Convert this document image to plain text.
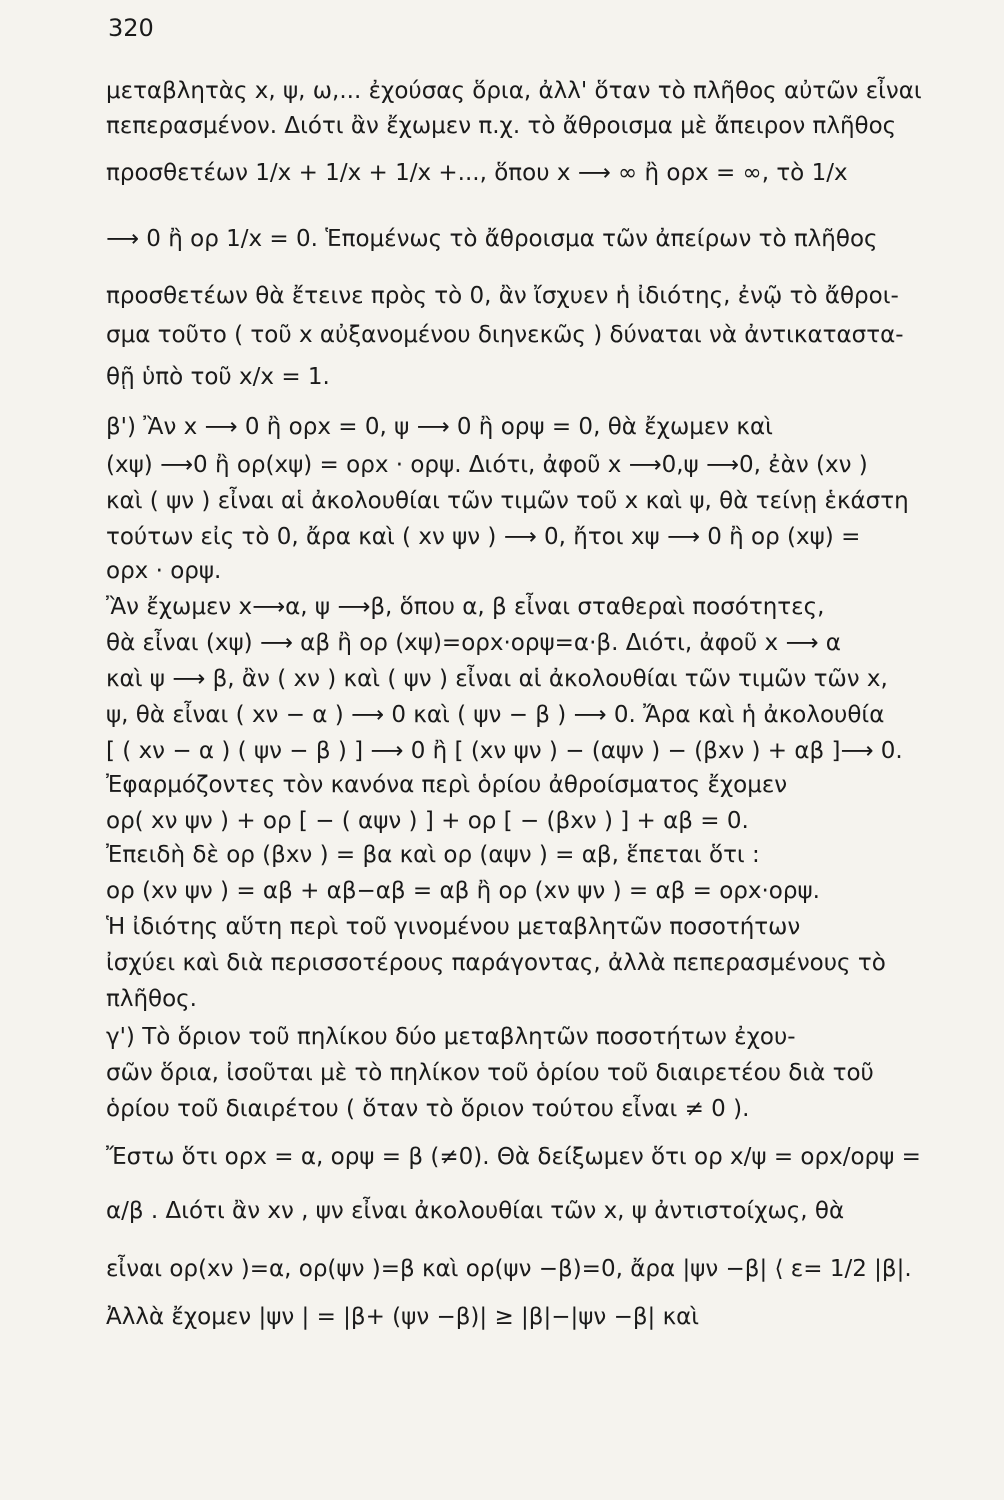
320
μεταβλητὰς x, ψ, ω,... ἐχούσας ὅρια, ἀλλ' ὅταν τὸ πλῆθος αὐτῶν εἶναι
πεπερασμένον. Διότι ἂν ἔχωμεν π.χ. τὸ ἄθροισμα μὲ ἄπειρον πλῆθος
προσθετέων 1/x + 1/x + 1/x +..., ὅπου x ⟶ ∞ ἢ ορx = ∞, τὸ 1/x
⟶ 0 ἢ ορ 1/x = 0. Ἑπομένως τὸ ἄθροισμα τῶν ἀπείρων τὸ πλῆθος
προσθετέων θὰ ἔτεινε πρὸς τὸ 0, ἂν ἴσχυεν ἡ ἰδιότης, ἐνῷ τὸ ἄθροι-
σμα τοῦτο ( τοῦ x αὐξανομένου διηνεκῶς ) δύναται νὰ ἀντικαταστα-
θῇ ὑπὸ τοῦ x/x = 1.
β') Ἂν x ⟶ 0 ἢ ορx = 0, ψ ⟶ 0 ἢ ορψ = 0, θὰ ἔχωμεν καὶ
(xψ) ⟶0 ἢ ορ(xψ) = ορx · ορψ. Διότι, ἀφοῦ x ⟶0,ψ ⟶0, ἐὰν (xν )
καὶ ( ψν ) εἶναι αἱ ἀκολουθίαι τῶν τιμῶν τοῦ x καὶ ψ, θὰ τείνῃ ἑκάστη
τούτων εἰς τὸ 0, ἄρα καὶ ( xν ψν ) ⟶ 0, ἤτοι xψ ⟶ 0 ἢ ορ (xψ) =
ορx · ορψ.
Ἂν ἔχωμεν x⟶α, ψ ⟶β, ὅπου α, β εἶναι σταθεραὶ ποσότητες,
θὰ εἶναι (xψ) ⟶ αβ ἢ ορ (xψ)=ορx·ορψ=α·β. Διότι, ἀφοῦ x ⟶ α
καὶ ψ ⟶ β, ἂν ( xν ) καὶ ( ψν ) εἶναι αἱ ἀκολουθίαι τῶν τιμῶν τῶν x,
ψ, θὰ εἶναι ( xν − α ) ⟶ 0 καὶ ( ψν − β ) ⟶ 0. Ἄρα καὶ ἡ ἀκολουθία
[ ( xν − α ) ( ψν − β ) ] ⟶ 0 ἢ [ (xν ψν ) − (αψν ) − (βxν ) + αβ ]⟶ 0.
Ἐφαρμόζοντες τὸν κανόνα περὶ ὁρίου ἀθροίσματος ἔχομεν
ορ( xν ψν ) + ορ [ − ( αψν ) ] + ορ [ − (βxν ) ] + αβ = 0.
Ἐπειδὴ δὲ ορ (βxν ) = βα καὶ ορ (αψν ) = αβ, ἕπεται ὅτι :
ορ (xν ψν ) = αβ + αβ−αβ = αβ ἢ ορ (xν ψν ) = αβ = ορx·ορψ.
Ἡ ἰδιότης αὕτη περὶ τοῦ γινομένου μεταβλητῶν ποσοτήτων
ἰσχύει καὶ διὰ περισσοτέρους παράγοντας, ἀλλὰ πεπερασμένους τὸ
πλῆθος.
γ') Τὸ ὅριον τοῦ πηλίκου δύο μεταβλητῶν ποσοτήτων ἐχου-
σῶν ὅρια, ἰσοῦται μὲ τὸ πηλίκον τοῦ ὁρίου τοῦ διαιρετέου διὰ τοῦ
ὁρίου τοῦ διαιρέτου ( ὅταν τὸ ὅριον τούτου εἶναι ≠ 0 ).
Ἔστω ὅτι ορx = α, ορψ = β (≠0). Θὰ δείξωμεν ὅτι ορ x/ψ = ορx/ορψ =
α/β . Διότι ἂν xν , ψν εἶναι ἀκολουθίαι τῶν x, ψ ἀντιστοίχως, θὰ
εἶναι ορ(xν )=α, ορ(ψν )=β καὶ ορ(ψν −β)=0, ἄρα |ψν −β| ⟨ ε= 1/2 |β|.
Ἀλλὰ ἔχομεν |ψν | = |β+ (ψν −β)| ≥ |β|−|ψν −β| καὶ
